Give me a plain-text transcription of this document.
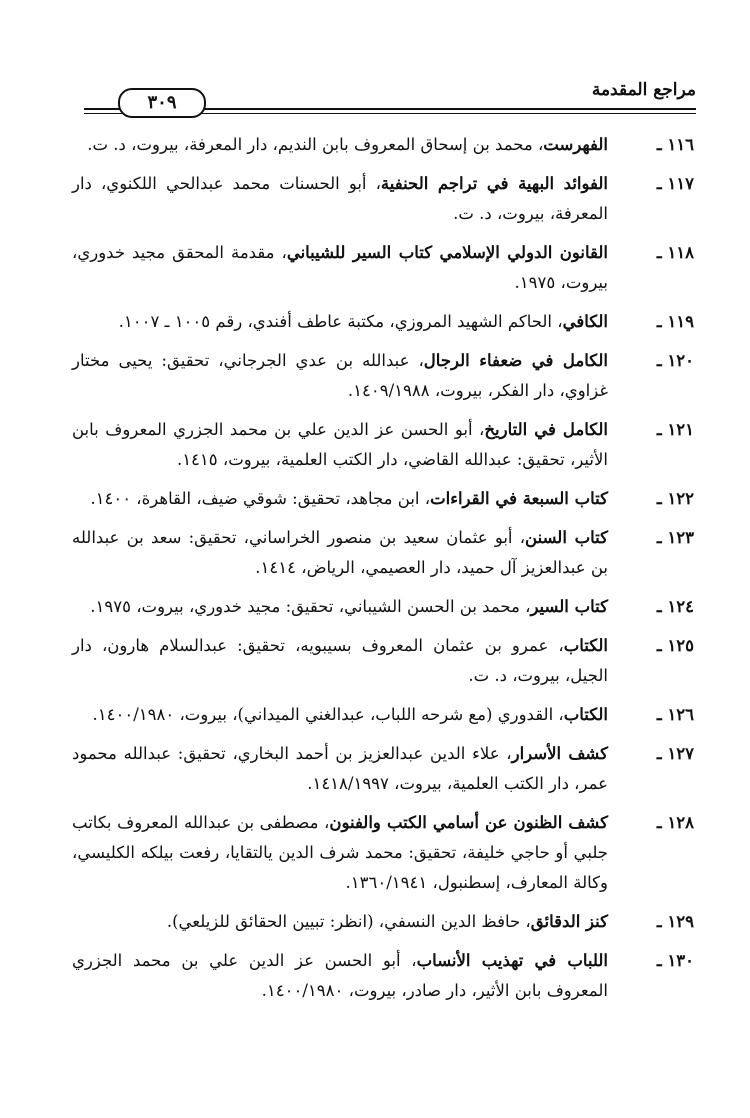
مراجع المقدمة
٣٠٩
١١٦ ـ
الفهرست، محمد بن إسحاق المعروف بابن النديم، دار المعرفة، بيروت، د. ت.
١١٧ ـ
الفوائد البهية في تراجم الحنفية، أبو الحسنات محمد عبدالحي اللكنوي، دار المعرفة، بيروت، د. ت.
١١٨ ـ
القانون الدولي الإسلامي كتاب السير للشيباني، مقدمة المحقق مجيد خدوري، بيروت، ١٩٧٥.
١١٩ ـ
الكافي، الحاكم الشهيد المروزي، مكتبة عاطف أفندي، رقم ١٠٠٥ ـ ١٠٠٧.
١٢٠ ـ
الكامل في ضعفاء الرجال، عبدالله بن عدي الجرجاني، تحقيق: يحيى مختار غزاوي، دار الفكر، بيروت، ١٤٠٩/١٩٨٨.
١٢١ ـ
الكامل في التاريخ، أبو الحسن عز الدين علي بن محمد الجزري المعروف بابن الأثير، تحقيق: عبدالله القاضي، دار الكتب العلمية، بيروت، ١٤١٥.
١٢٢ ـ
كتاب السبعة في القراءات، ابن مجاهد، تحقيق: شوقي ضيف، القاهرة، ١٤٠٠.
١٢٣ ـ
كتاب السنن، أبو عثمان سعيد بن منصور الخراساني، تحقيق: سعد بن عبدالله بن عبدالعزيز آل حميد، دار العصيمي، الرياض، ١٤١٤.
١٢٤ ـ
كتاب السير، محمد بن الحسن الشيباني، تحقيق: مجيد خدوري، بيروت، ١٩٧٥.
١٢٥ ـ
الكتاب، عمرو بن عثمان المعروف بسيبويه، تحقيق: عبدالسلام هارون، دار الجيل، بيروت، د. ت.
١٢٦ ـ
الكتاب، القدوري (مع شرحه اللباب، عبدالغني الميداني)، بيروت، ١٤٠٠/١٩٨٠.
١٢٧ ـ
كشف الأسرار، علاء الدين عبدالعزيز بن أحمد البخاري، تحقيق: عبدالله محمود عمر، دار الكتب العلمية، بيروت، ١٤١٨/١٩٩٧.
١٢٨ ـ
كشف الظنون عن أسامي الكتب والفنون، مصطفى بن عبدالله المعروف بكاتب جلبي أو حاجي خليفة، تحقيق: محمد شرف الدين يالتقايا، رفعت بيلكه الكليسي، وكالة المعارف، إسطنبول، ١٣٦٠/١٩٤١.
١٢٩ ـ
كنز الدقائق، حافظ الدين النسفي، (انظر: تبيين الحقائق للزيلعي).
١٣٠ ـ
اللباب في تهذيب الأنساب، أبو الحسن عز الدين علي بن محمد الجزري المعروف بابن الأثير، دار صادر، بيروت، ١٤٠٠/١٩٨٠.
